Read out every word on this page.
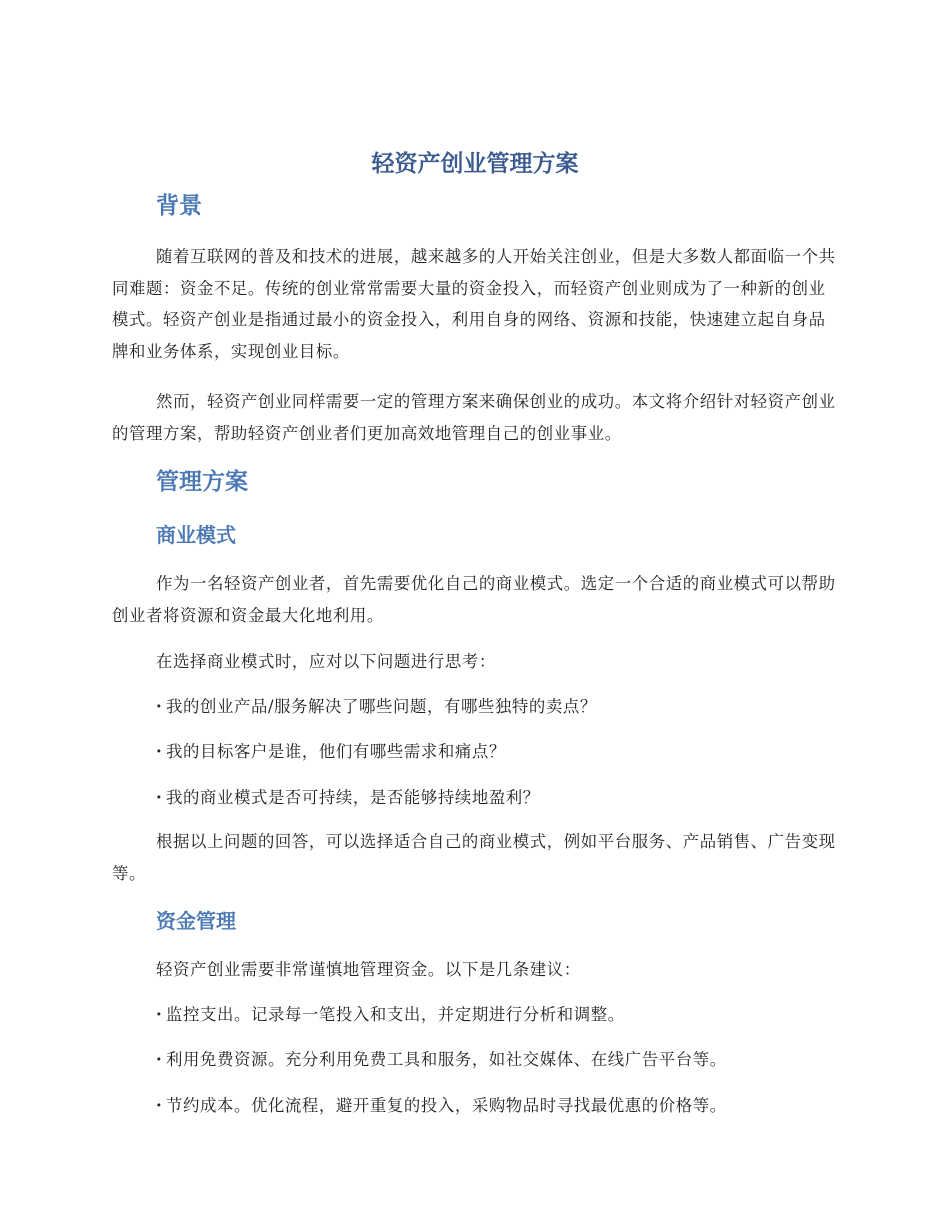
轻资产创业管理方案
背景

随着互联网的普及和技术的进展，越来越多的人开始关注创业，但是大多数人都面临一个共同难题：资金不足。传统的创业常常需要大量的资金投入，而轻资产创业则成为了一种新的创业模式。轻资产创业是指通过最小的资金投入，利用自身的网络、资源和技能，快速建立起自身品牌和业务体系，实现创业目标。

然而，轻资产创业同样需要一定的管理方案来确保创业的成功。本文将介绍针对轻资产创业的管理方案，帮助轻资产创业者们更加高效地管理自己的创业事业。

管理方案
商业模式

作为一名轻资产创业者，首先需要优化自己的商业模式。选定一个合适的商业模式可以帮助创业者将资源和资金最大化地利用。

在选择商业模式时，应对以下问题进行思考：

· 我的创业产品/服务解决了哪些问题，有哪些独特的卖点？

· 我的目标客户是谁，他们有哪些需求和痛点？

· 我的商业模式是否可持续，是否能够持续地盈利？

根据以上问题的回答，可以选择适合自己的商业模式，例如平台服务、产品销售、广告变现等。

资金管理

轻资产创业需要非常谨慎地管理资金。以下是几条建议：

· 监控支出。记录每一笔投入和支出，并定期进行分析和调整。

· 利用免费资源。充分利用免费工具和服务，如社交媒体、在线广告平台等。

· 节约成本。优化流程，避开重复的投入，采购物品时寻找最优惠的价格等。
